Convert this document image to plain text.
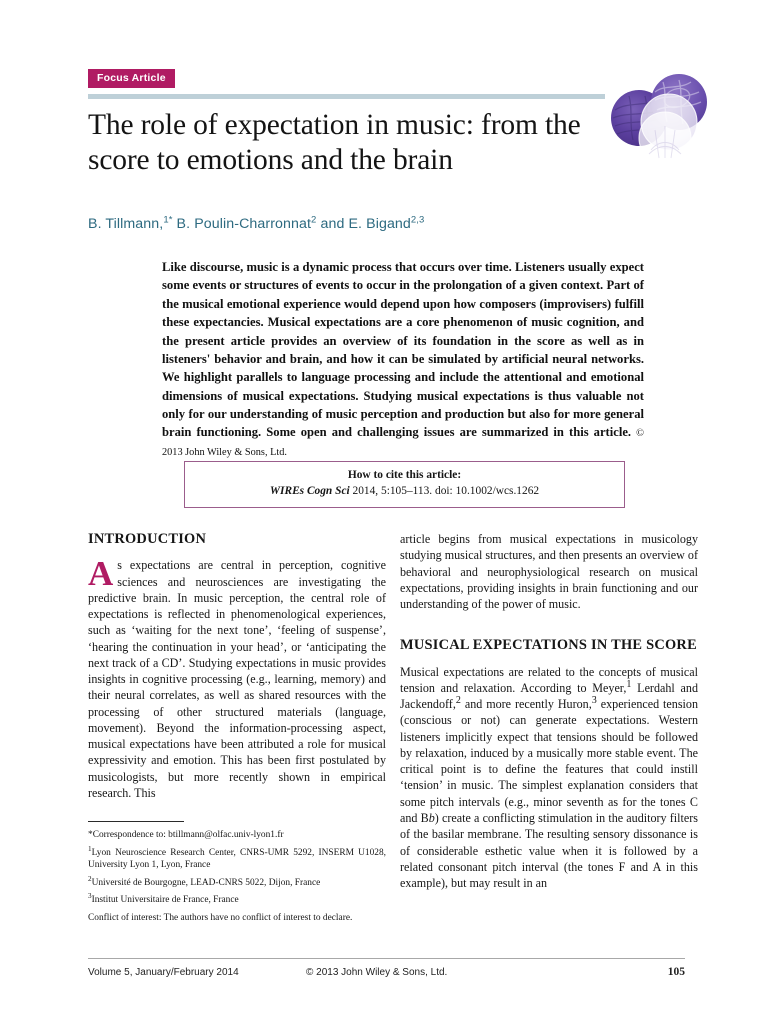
Focus Article
The role of expectation in music: from the score to emotions and the brain
B. Tillmann,$^{1*}$ B. Poulin-Charronnat$^2$ and E. Bigand$^{2,3}$
Like discourse, music is a dynamic process that occurs over time. Listeners usually expect some events or structures of events to occur in the prolongation of a given context. Part of the musical emotional experience would depend upon how composers (improvisers) fulfill these expectancies. Musical expectations are a core phenomenon of music cognition, and the present article provides an overview of its foundation in the score as well as in listeners' behavior and brain, and how it can be simulated by artificial neural networks. We highlight parallels to language processing and include the attentional and emotional dimensions of musical expectations. Studying musical expectations is thus valuable not only for our understanding of music perception and production but also for more general brain functioning. Some open and challenging issues are summarized in this article. © 2013 John Wiley & Sons, Ltd.
How to cite this article:
WIREs Cogn Sci 2014, 5:105–113. doi: 10.1002/wcs.1262
INTRODUCTION

As expectations are central in perception, cognitive sciences and neurosciences are investigating the predictive brain. In music perception, the central role of expectations is reflected in phenomenological experiences, such as ‘waiting for the next tone’, ‘feeling of suspense’, ‘hearing the continuation in your head’, or ‘anticipating the next track of a CD’. Studying expectations in music provides insights in cognitive processing (e.g., learning, memory) and their neural correlates, as well as shared resources with the processing of other structured materials (language, movement). Beyond the information-processing aspect, musical expectations have been attributed a role for musical expressivity and emotion. This has been first postulated by musicologists, but more recently shown in empirical research. This

article begins from musical expectations in musicology studying musical structures, and then presents an overview of behavioral and neurophysiological research on musical expectations, providing insights in brain functioning and our understanding of the power of music.

MUSICAL EXPECTATIONS IN THE SCORE

Musical expectations are related to the concepts of musical tension and relaxation. According to Meyer,$^1$ Lerdahl and Jackendoff,$^2$ and more recently Huron,$^3$ experienced tension (conscious or not) can generate expectations. Western listeners implicitly expect that tensions should be followed by relaxation, induced by a musically more stable event. The critical point is to define the features that could instill ‘tension’ in music. The simplest explanation considers that some pitch intervals (e.g., minor seventh as for the tones C and Bb) create a conflicting stimulation in the auditory filters of the basilar membrane. The resulting sensory dissonance is of considerable esthetic value when it is followed by a related consonant pitch interval (the tones F and A in this example), but may result in an

*Correspondence to: btillmann@olfac.univ-lyon1.fr

$^1$Lyon Neuroscience Research Center, CNRS-UMR 5292, INSERM U1028, University Lyon 1, Lyon, France

$^2$Université de Bourgogne, LEAD-CNRS 5022, Dijon, France

$^3$Institut Universitaire de France, France

Conflict of interest: The authors have no conflict of interest to declare.

Volume 5, January/February 2014	© 2013 John Wiley & Sons, Ltd.	105
